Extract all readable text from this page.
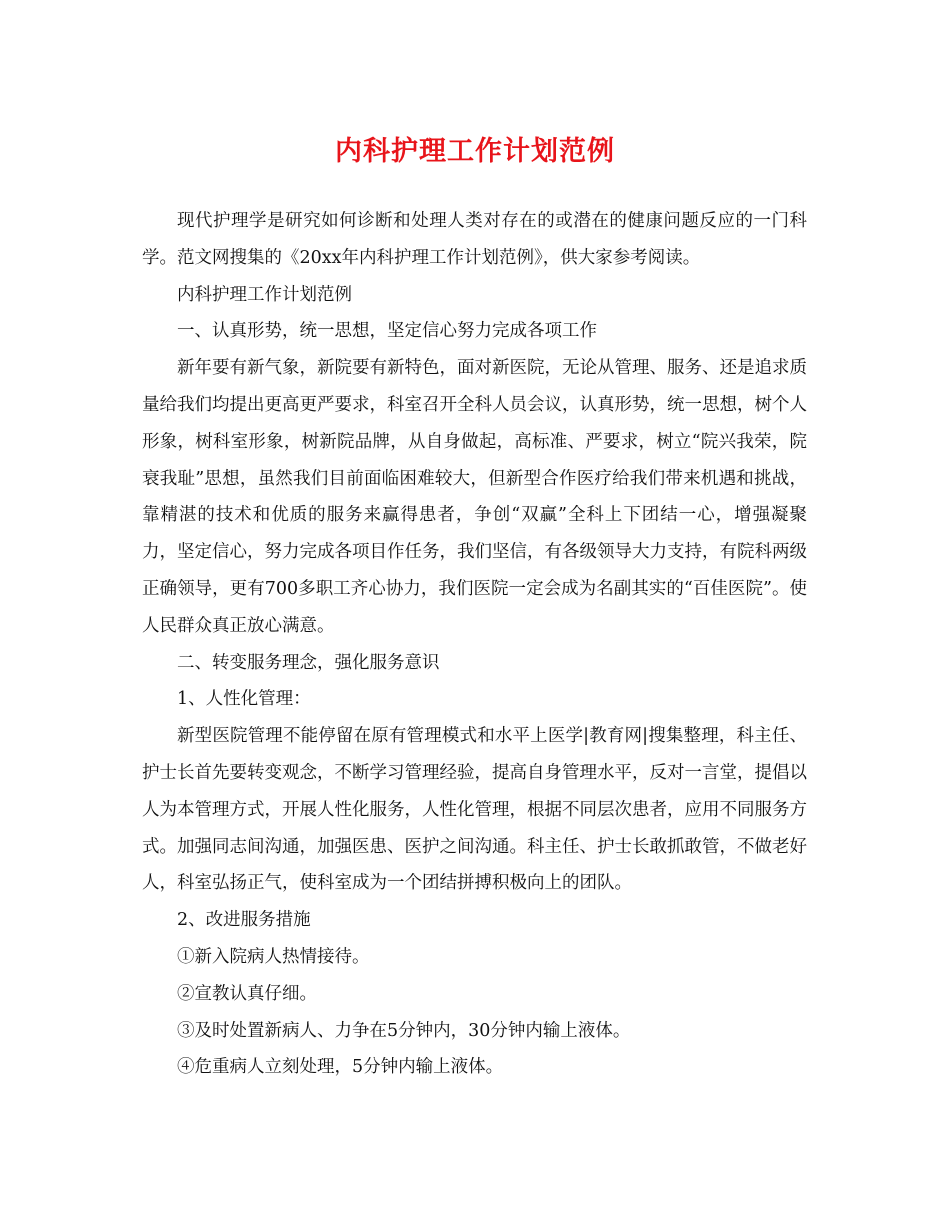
内科护理工作计划范例

现代护理学是研究如何诊断和处理人类对存在的或潜在的健康问题反应的一门科学。范文网搜集的《20xx年内科护理工作计划范例》，供大家参考阅读。

内科护理工作计划范例

一、认真形势，统一思想，坚定信心努力完成各项工作

新年要有新气象，新院要有新特色，面对新医院，无论从管理、服务、还是追求质量给我们均提出更高更严要求，科室召开全科人员会议，认真形势，统一思想，树个人形象，树科室形象，树新院品牌，从自身做起，高标准、严要求，树立“院兴我荣，院衰我耻”思想，虽然我们目前面临困难较大，但新型合作医疗给我们带来机遇和挑战，靠精湛的技术和优质的服务来赢得患者，争创“双赢”全科上下团结一心，增强凝聚力，坚定信心，努力完成各项目作任务，我们坚信，有各级领导大力支持，有院科两级正确领导，更有700多职工齐心协力，我们医院一定会成为名副其实的“百佳医院”。使人民群众真正放心满意。

二、转变服务理念，强化服务意识

1、人性化管理：

新型医院管理不能停留在原有管理模式和水平上医学|教育网|搜集整理，科主任、护士长首先要转变观念，不断学习管理经验，提高自身管理水平，反对一言堂，提倡以人为本管理方式，开展人性化服务，人性化管理，根据不同层次患者，应用不同服务方式。加强同志间沟通，加强医患、医护之间沟通。科主任、护士长敢抓敢管，不做老好人，科室弘扬正气，使科室成为一个团结拼搏积极向上的团队。

2、改进服务措施

①新入院病人热情接待。

②宣教认真仔细。

③及时处置新病人、力争在5分钟内，30分钟内输上液体。

④危重病人立刻处理，5分钟内输上液体。
